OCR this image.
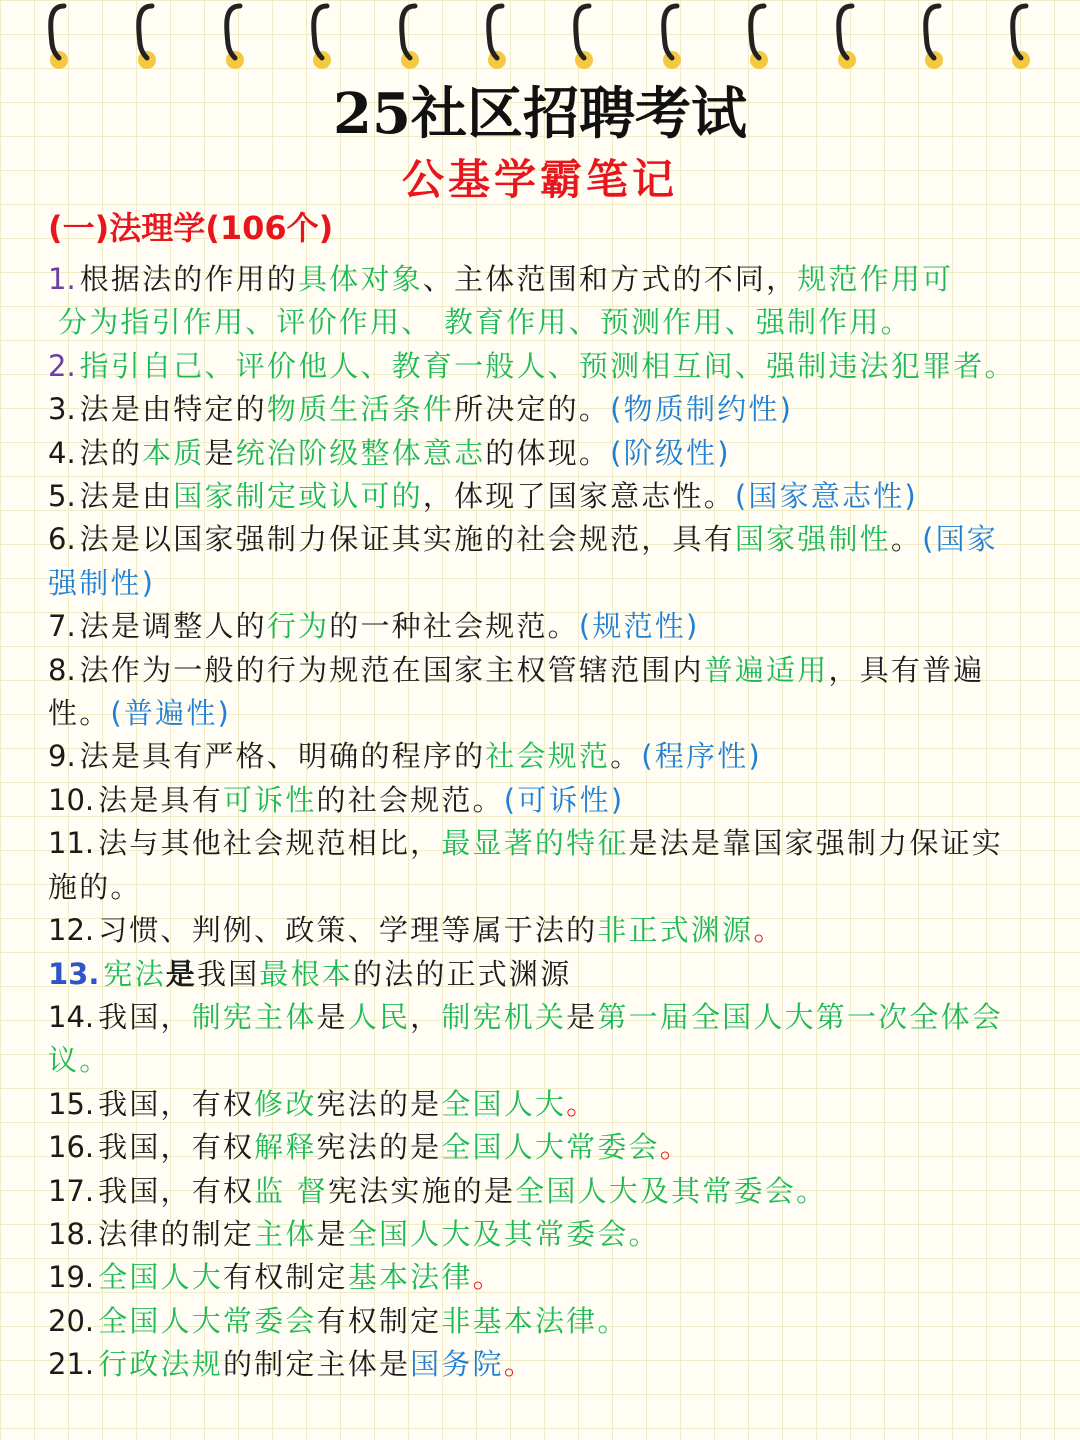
25社区招聘考试
公基学霸笔记
(一)法理学(106个)

1. 根据法的作用的具体对象、主体范围和方式的不同，规范作用可
分为指引作用、评价作用、 教育作用、预测作用、强制作用。

2. 指引自己、评价他人、教育一般人、预测相互间、强制违法犯罪者。

3. 法是由特定的物质生活条件所决定的。(物质制约性)

4. 法的本质是统治阶级整体意志的体现。(阶级性)

5. 法是由国家制定或认可的，体现了国家意志性。(国家意志性)

6. 法是以国家强制力保证其实施的社会规范，具有国家强制性。(国家强制性)

7. 法是调整人的行为的一种社会规范。(规范性)

8. 法作为一般的行为规范在国家主权管辖范围内普遍适用，具有普遍性。(普遍性)

9. 法是具有严格、明确的程序的社会规范。(程序性)

10. 法是具有可诉性的社会规范。(可诉性)

11. 法与其他社会规范相比，最显著的特征是法是靠国家强制力保证实施的。

12. 习惯、判例、政策、学理等属于法的非正式渊源。

13. 宪法是我国最根本的法的正式渊源

14. 我国，制宪主体是人民，制宪机关是第一届全国人大第一次全体会议。

15. 我国，有权修改宪法的是全国人大。

16. 我国，有权解释宪法的是全国人大常委会。

17. 我国，有权监 督宪法实施的是全国人大及其常委会。

18. 法律的制定主体是全国人大及其常委会。

19. 全国人大有权制定基本法律。

20. 全国人大常委会有权制定非基本法律。

21. 行政法规的制定主体是国务院。
